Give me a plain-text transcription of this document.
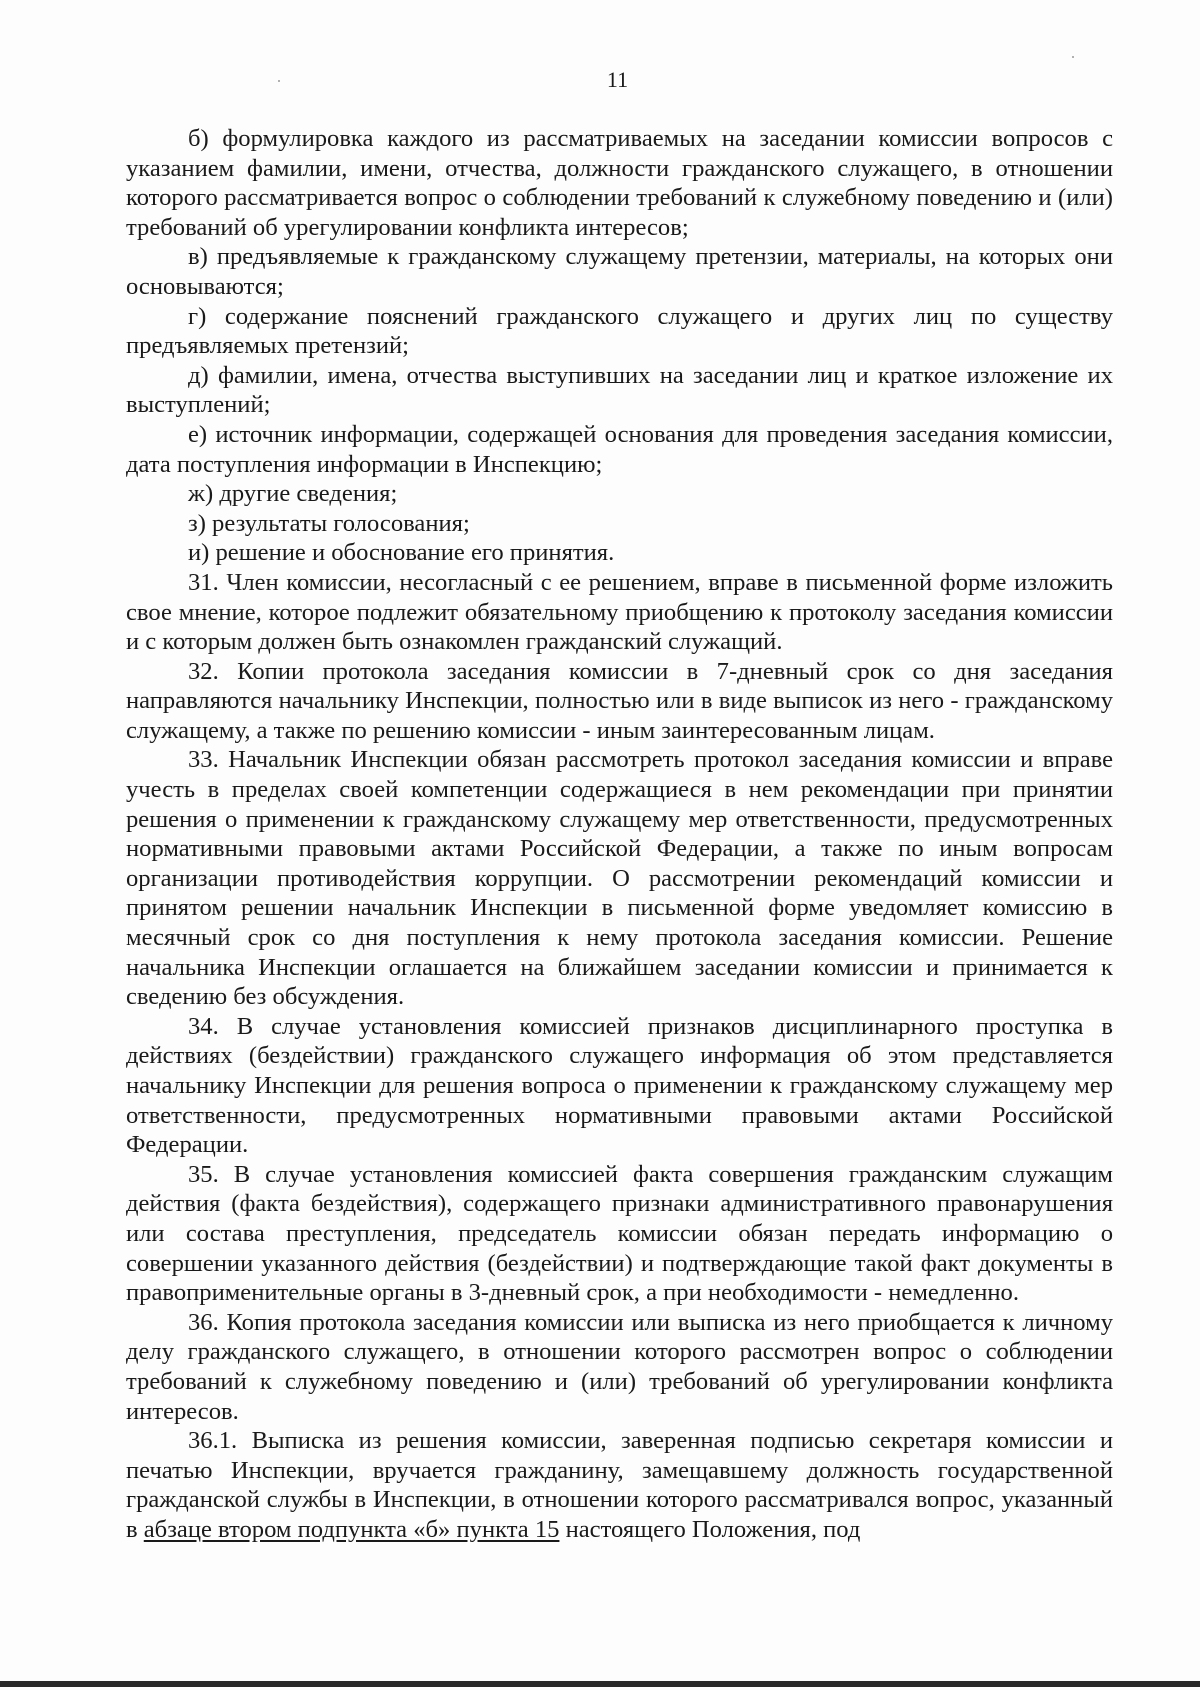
11

б) формулировка каждого из рассматриваемых на заседании комиссии вопросов с указанием фамилии, имени, отчества, должности гражданского служащего, в отношении которого рассматривается вопрос о соблюдении требований к служебному поведению и (или) требований об урегулировании конфликта интересов;

в) предъявляемые к гражданскому служащему претензии, материалы, на которых они основываются;

г) содержание пояснений гражданского служащего и других лиц по существу предъявляемых претензий;

д) фамилии, имена, отчества выступивших на заседании лиц и краткое изложение их выступлений;

е) источник информации, содержащей основания для проведения заседания комиссии, дата поступления информации в Инспекцию;

ж) другие сведения;

з) результаты голосования;

и) решение и обоснование его принятия.

31. Член комиссии, несогласный с ее решением, вправе в письменной форме изложить свое мнение, которое подлежит обязательному приобщению к протоколу заседания комиссии и с которым должен быть ознакомлен гражданский служащий.

32. Копии протокола заседания комиссии в 7-дневный срок со дня заседания направляются начальнику Инспекции, полностью или в виде выписок из него - гражданскому служащему, а также по решению комиссии - иным заинтересованным лицам.

33. Начальник Инспекции обязан рассмотреть протокол заседания комиссии и вправе учесть в пределах своей компетенции содержащиеся в нем рекомендации при принятии решения о применении к гражданскому служащему мер ответственности, предусмотренных нормативными правовыми актами Российской Федерации, а также по иным вопросам организации противодействия коррупции. О рассмотрении рекомендаций комиссии и принятом решении начальник Инспекции в письменной форме уведомляет комиссию в месячный срок со дня поступления к нему протокола заседания комиссии. Решение начальника Инспекции оглашается на ближайшем заседании комиссии и принимается к сведению без обсуждения.

34. В случае установления комиссией признаков дисциплинарного проступка в действиях (бездействии) гражданского служащего информация об этом представляется начальнику Инспекции для решения вопроса о применении к гражданскому служащему мер ответственности, предусмотренных нормативными правовыми актами Российской Федерации.

35. В случае установления комиссией факта совершения гражданским служащим действия (факта бездействия), содержащего признаки административного правонарушения или состава преступления, председатель комиссии обязан передать информацию о совершении указанного действия (бездействии) и подтверждающие такой факт документы в правоприменительные органы в 3-дневный срок, а при необходимости - немедленно.

36. Копия протокола заседания комиссии или выписка из него приобщается к личному делу гражданского служащего, в отношении которого рассмотрен вопрос о соблюдении требований к служебному поведению и (или) требований об урегулировании конфликта интересов.

36.1. Выписка из решения комиссии, заверенная подписью секретаря комиссии и печатью Инспекции, вручается гражданину, замещавшему должность государственной гражданской службы в Инспекции, в отношении которого рассматривался вопрос, указанный в абзаце втором подпункта «б» пункта 15 настоящего Положения, под
